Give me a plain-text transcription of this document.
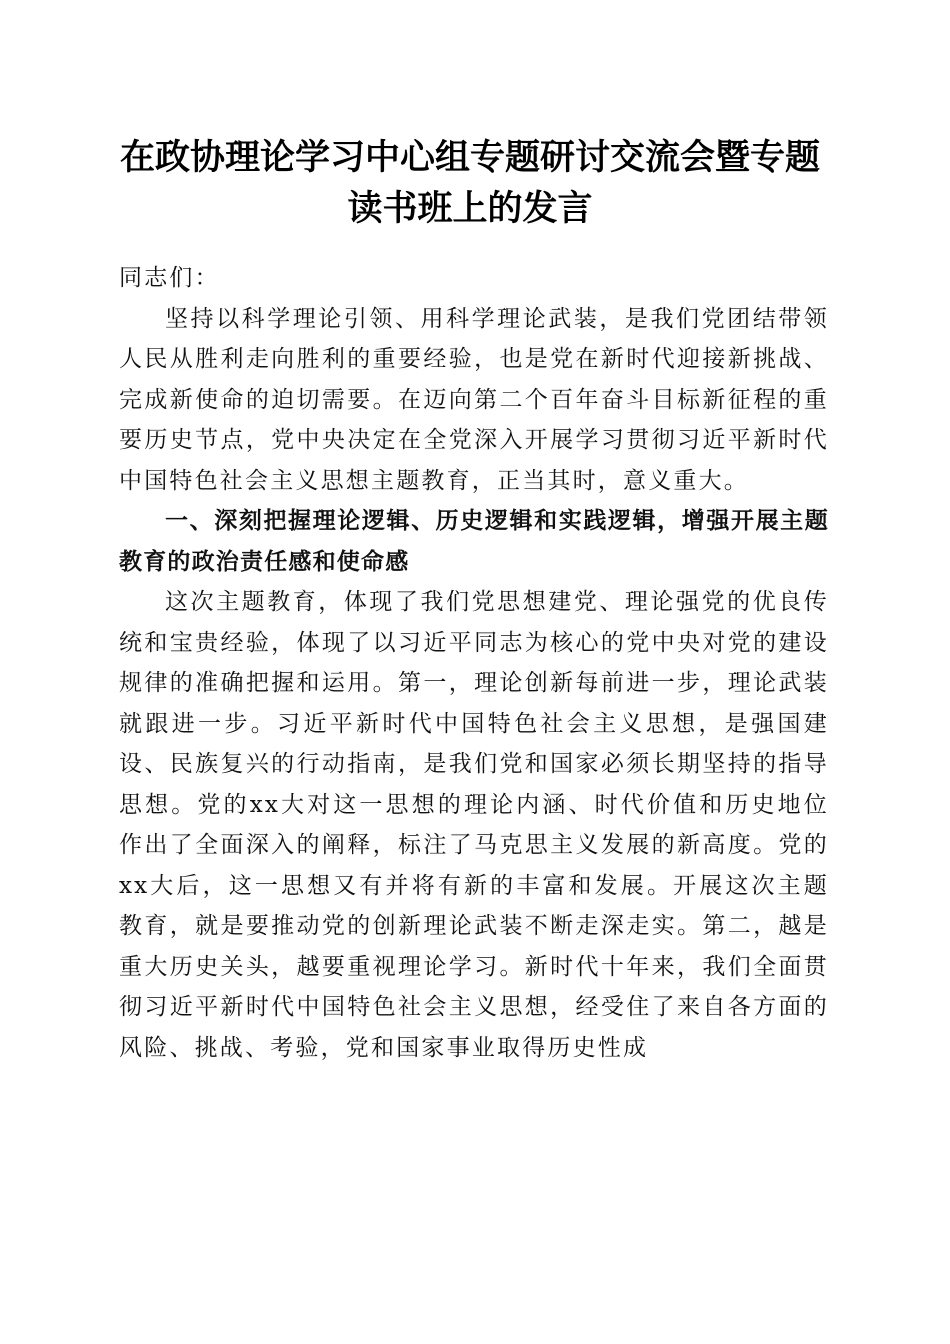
在政协理论学习中心组专题研讨交流会暨专题
读书班上的发言

同志们：

坚持以科学理论引领、用科学理论武装，是我们党团结带领人民从胜利走向胜利的重要经验，也是党在新时代迎接新挑战、完成新使命的迫切需要。在迈向第二个百年奋斗目标新征程的重要历史节点，党中央决定在全党深入开展学习贯彻习近平新时代中国特色社会主义思想主题教育，正当其时，意义重大。

一、深刻把握理论逻辑、历史逻辑和实践逻辑，增强开展主题教育的政治责任感和使命感

这次主题教育，体现了我们党思想建党、理论强党的优良传统和宝贵经验，体现了以习近平同志为核心的党中央对党的建设规律的准确把握和运用。第一，理论创新每前进一步，理论武装就跟进一步。习近平新时代中国特色社会主义思想，是强国建设、民族复兴的行动指南，是我们党和国家必须长期坚持的指导思想。党的xx大对这一思想的理论内涵、时代价值和历史地位作出了全面深入的阐释，标注了马克思主义发展的新高度。党的xx大后，这一思想又有并将有新的丰富和发展。开展这次主题教育，就是要推动党的创新理论武装不断走深走实。第二，越是重大历史关头，越要重视理论学习。新时代十年来，我们全面贯彻习近平新时代中国特色社会主义思想，经受住了来自各方面的风险、挑战、考验，党和国家事业取得历史性成
